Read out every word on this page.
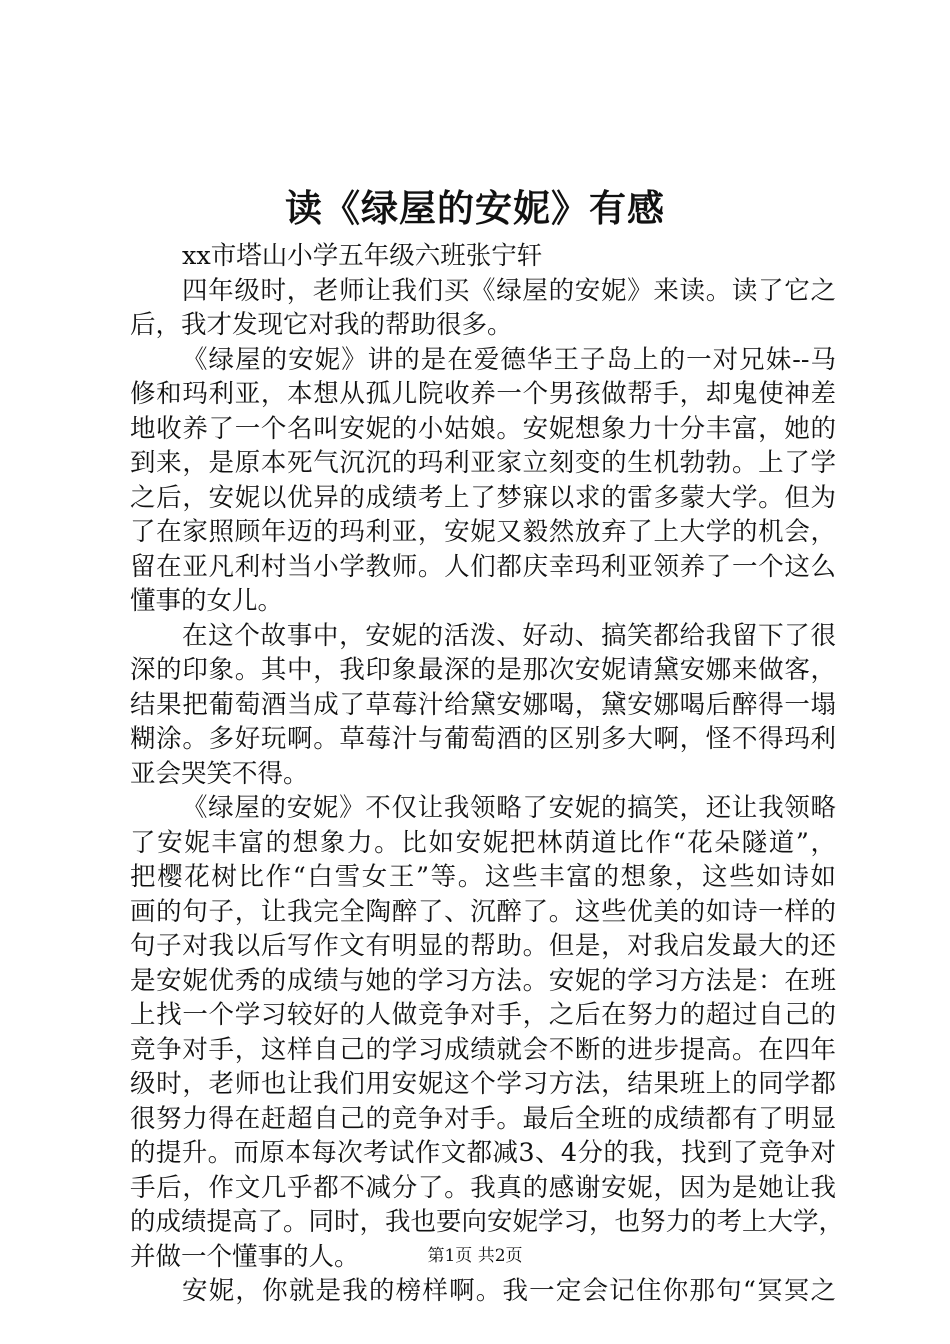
读《绿屋的安妮》有感
xx市塔山小学五年级六班张宁轩
四年级时，老师让我们买《绿屋的安妮》来读。读了它之
后，我才发现它对我的帮助很多。
《绿屋的安妮》讲的是在爱德华王子岛上的一对兄妹--马
修和玛利亚，本想从孤儿院收养一个男孩做帮手，却鬼使神差
地收养了一个名叫安妮的小姑娘。安妮想象力十分丰富，她的
到来，是原本死气沉沉的玛利亚家立刻变的生机勃勃。上了学
之后，安妮以优异的成绩考上了梦寐以求的雷多蒙大学。但为
了在家照顾年迈的玛利亚，安妮又毅然放弃了上大学的机会，
留在亚凡利村当小学教师。人们都庆幸玛利亚领养了一个这么
懂事的女儿。
在这个故事中，安妮的活泼、好动、搞笑都给我留下了很
深的印象。其中，我印象最深的是那次安妮请黛安娜来做客，
结果把葡萄酒当成了草莓汁给黛安娜喝，黛安娜喝后醉得一塌
糊涂。多好玩啊。草莓汁与葡萄酒的区别多大啊，怪不得玛利
亚会哭笑不得。
《绿屋的安妮》不仅让我领略了安妮的搞笑，还让我领略
了安妮丰富的想象力。比如安妮把林荫道比作“花朵隧道”，
把樱花树比作“白雪女王”等。这些丰富的想象，这些如诗如
画的句子，让我完全陶醉了、沉醉了。这些优美的如诗一样的
句子对我以后写作文有明显的帮助。但是，对我启发最大的还
是安妮优秀的成绩与她的学习方法。安妮的学习方法是：在班
上找一个学习较好的人做竞争对手，之后在努力的超过自己的
竞争对手，这样自己的学习成绩就会不断的进步提高。在四年
级时，老师也让我们用安妮这个学习方法，结果班上的同学都
很努力得在赶超自己的竞争对手。最后全班的成绩都有了明显
的提升。而原本每次考试作文都减3、4分的我，找到了竞争对
手后，作文几乎都不减分了。我真的感谢安妮，因为是她让我
的成绩提高了。同时，我也要向安妮学习，也努力的考上大学，
并做一个懂事的人。
安妮，你就是我的榜样啊。我一定会记住你那句“冥冥之
第1页 共2页
